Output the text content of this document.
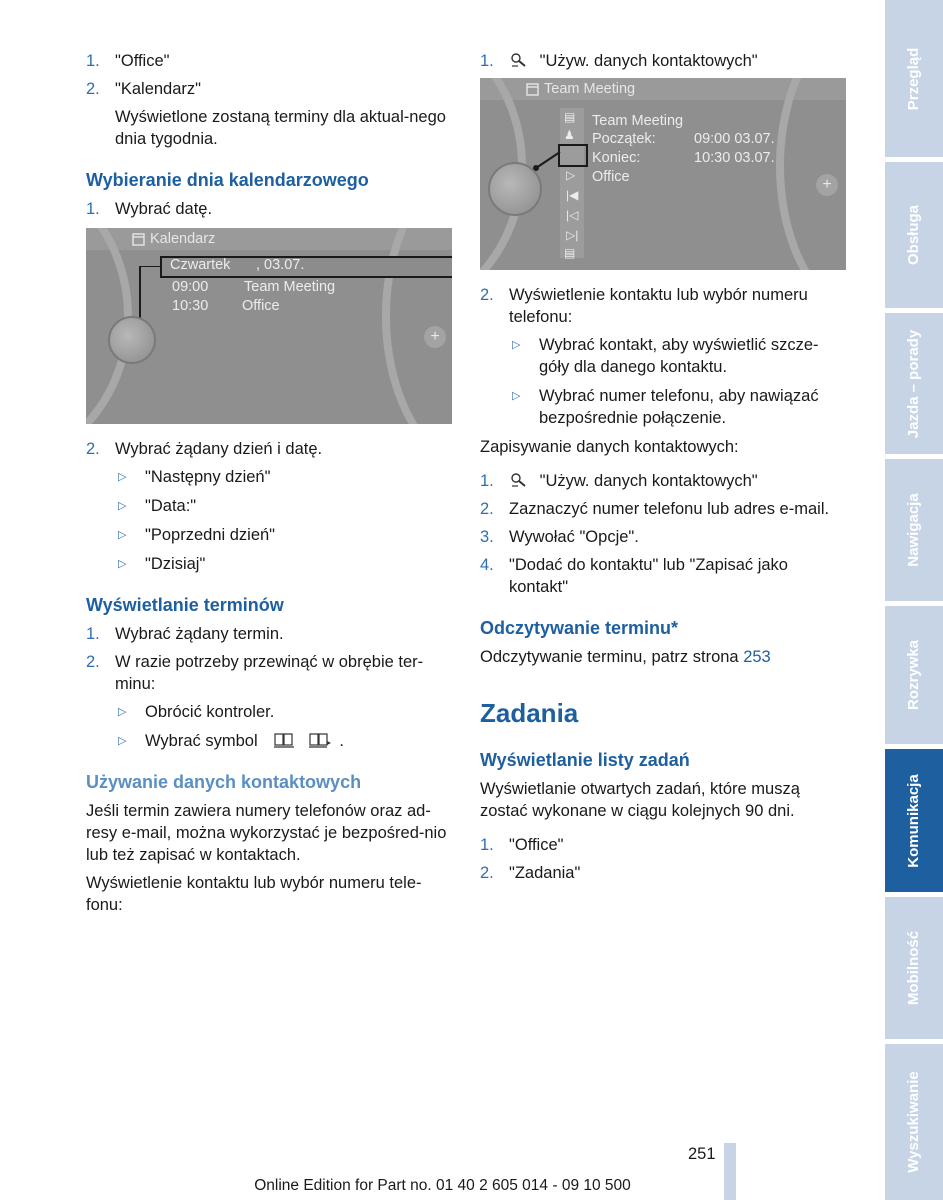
1. "Office"
2. "Kalendarz"

Wyświetlone zostaną terminy dla aktual-nego dnia tygodnia.

Wybieranie dnia kalendarzowego
1. Wybrać datę.
Kalendarz
Czwartek , 03.07.
09:00 Team Meeting
10:30 Office
+
2. Wybrać żądany dzień i datę.
▷ "Następny dzień"
▷ "Data:"
▷ "Poprzedni dzień"
▷ "Dzisiaj"
Wyświetlanie terminów
1. Wybrać żądany termin.
2. W razie potrzeby przewinąć w obrębie ter-minu:
▷ Obrócić kontroler.
▷ Wybrać symbol	.
Używanie danych kontaktowych

Jeśli termin zawiera numery telefonów oraz ad-resy e-mail, można wykorzystać je bezpośred-nio lub też zapisać w kontaktach.

Wyświetlenie kontaktu lub wybór numeru tele-fonu:

1.	"Używ. danych kontaktowych"
Team Meeting
▤
♟
▷
|◀
|◁
▷|
▤
Team Meeting
Początek:	09:00 03.07.
Koniec:	10:30 03.07.
Office	+
2. Wyświetlenie kontaktu lub wybór numeru telefonu:
▷ Wybrać kontakt, aby wyświetlić szcze-góły dla danego kontaktu.
▷ Wybrać numer telefonu, aby nawiązać bezpośrednie połączenie.

Zapisywanie danych kontaktowych:

1.	"Używ. danych kontaktowych"
2. Zaznaczyć numer telefonu lub adres e-mail.
3. Wywołać "Opcje".
4. "Dodać do kontaktu" lub "Zapisać jako kontakt"
Odczytywanie terminu*

Odczytywanie terminu, patrz strona 253

Zadania
Wyświetlanie listy zadań

Wyświetlanie otwartych zadań, które muszą zostać wykonane w ciągu kolejnych 90 dni.

1. "Office"
2. "Zadania"
Przegląd
Obsługa
Jazda – porady
Nawigacja
Rozrywka
Komunikacja
Mobilność
Wyszukiwanie
251
Online Edition for Part no. 01 40 2 605 014 - 09 10 500
